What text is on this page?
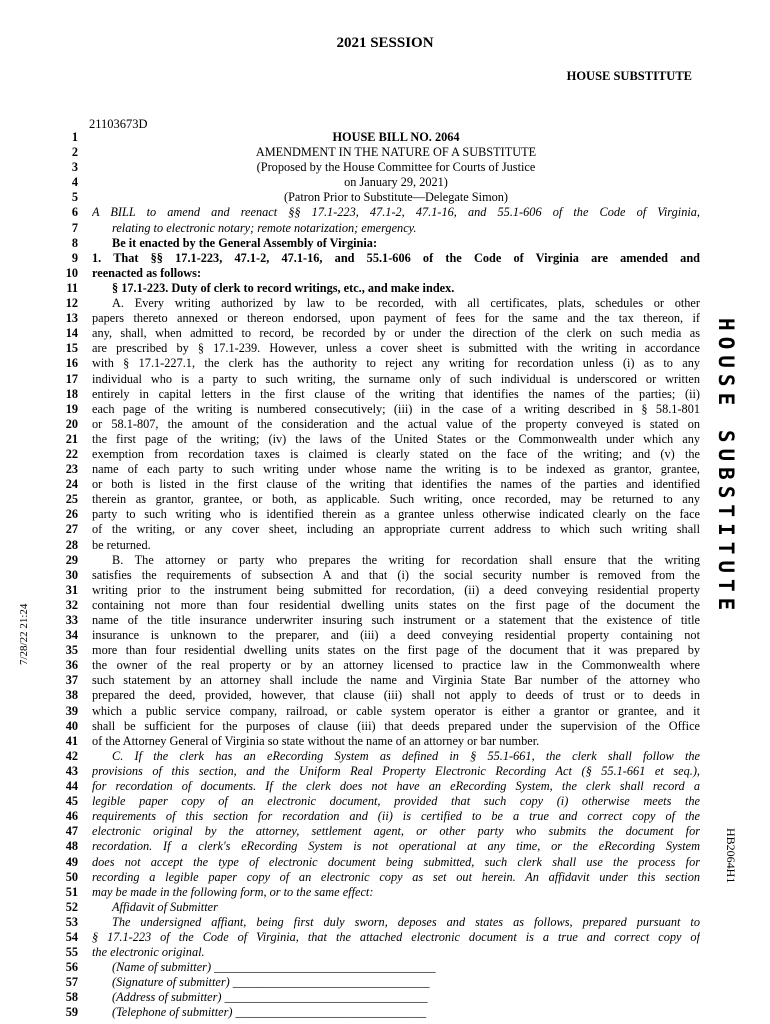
2021 SESSION
HOUSE SUBSTITUTE
21103673D
7/28/22 21:24
HOUSE SUBSTITUTE
HB2064H1
1	HOUSE BILL NO. 2064
2	AMENDMENT IN THE NATURE OF A SUBSTITUTE
3	(Proposed by the House Committee for Courts of Justice
4	on January 29, 2021)
5	(Patron Prior to Substitute—Delegate Simon)
6 A BILL to amend and reenact §§ 17.1-223, 47.1-2, 47.1-16, and 55.1-606 of the Code of Virginia,
7	relating to electronic notary; remote notarization; emergency.
8	Be it enacted by the General Assembly of Virginia:
9 1. That §§ 17.1-223, 47.1-2, 47.1-16, and 55.1-606 of the Code of Virginia are amended and
10 reenacted as follows:
11	§ 17.1-223. Duty of clerk to record writings, etc., and make index.
12	A. Every writing authorized by law to be recorded, with all certificates, plats, schedules or other
13 papers thereto annexed or thereon endorsed, upon payment of fees for the same and the tax thereon, if
14 any, shall, when admitted to record, be recorded by or under the direction of the clerk on such media as
15 are prescribed by § 17.1-239. However, unless a cover sheet is submitted with the writing in accordance
16 with § 17.1-227.1, the clerk has the authority to reject any writing for recordation unless (i) as to any
17 individual who is a party to such writing, the surname only of such individual is underscored or written
18 entirely in capital letters in the first clause of the writing that identifies the names of the parties; (ii)
19 each page of the writing is numbered consecutively; (iii) in the case of a writing described in § 58.1-801
20 or 58.1-807, the amount of the consideration and the actual value of the property conveyed is stated on
21 the first page of the writing; (iv) the laws of the United States or the Commonwealth under which any
22 exemption from recordation taxes is claimed is clearly stated on the face of the writing; and (v) the
23 name of each party to such writing under whose name the writing is to be indexed as grantor, grantee,
24 or both is listed in the first clause of the writing that identifies the names of the parties and identified
25 therein as grantor, grantee, or both, as applicable. Such writing, once recorded, may be returned to any
26 party to such writing who is identified therein as a grantee unless otherwise indicated clearly on the face
27 of the writing, or any cover sheet, including an appropriate current address to which such writing shall
28 be returned.
29	B. The attorney or party who prepares the writing for recordation shall ensure that the writing
30 satisfies the requirements of subsection A and that (i) the social security number is removed from the
31 writing prior to the instrument being submitted for recordation, (ii) a deed conveying residential property
32 containing not more than four residential dwelling units states on the first page of the document the
33 name of the title insurance underwriter insuring such instrument or a statement that the existence of title
34 insurance is unknown to the preparer, and (iii) a deed conveying residential property containing not
35 more than four residential dwelling units states on the first page of the document that it was prepared by
36 the owner of the real property or by an attorney licensed to practice law in the Commonwealth where
37 such statement by an attorney shall include the name and Virginia State Bar number of the attorney who
38 prepared the deed, provided, however, that clause (iii) shall not apply to deeds of trust or to deeds in
39 which a public service company, railroad, or cable system operator is either a grantor or grantee, and it
40 shall be sufficient for the purposes of clause (iii) that deeds prepared under the supervision of the Office
41 of the Attorney General of Virginia so state without the name of an attorney or bar number.
42	C. If the clerk has an eRecording System as defined in § 55.1-661, the clerk shall follow the
43 provisions of this section, and the Uniform Real Property Electronic Recording Act (§ 55.1-661 et seq.),
44 for recordation of documents. If the clerk does not have an eRecording System, the clerk shall record a
45 legible paper copy of an electronic document, provided that such copy (i) otherwise meets the
46 requirements of this section for recordation and (ii) is certified to be a true and correct copy of the
47 electronic original by the attorney, settlement agent, or other party who submits the document for
48 recordation. If a clerk's eRecording System is not operational at any time, or the eRecording System
49 does not accept the type of electronic document being submitted, such clerk shall use the process for
50 recording a legible paper copy of an electronic copy as set out herein. An affidavit under this section
51 may be made in the following form, or to the same effect:
52	Affidavit of Submitter
53	The undersigned affiant, being first duly sworn, deposes and states as follows, prepared pursuant to
54 § 17.1-223 of the Code of Virginia, that the attached electronic document is a true and correct copy of
55 the electronic original.
56	(Name of submitter) ____________________________________
57	(Signature of submitter) ________________________________
58	(Address of submitter) _________________________________
59	(Telephone of submitter) _______________________________
